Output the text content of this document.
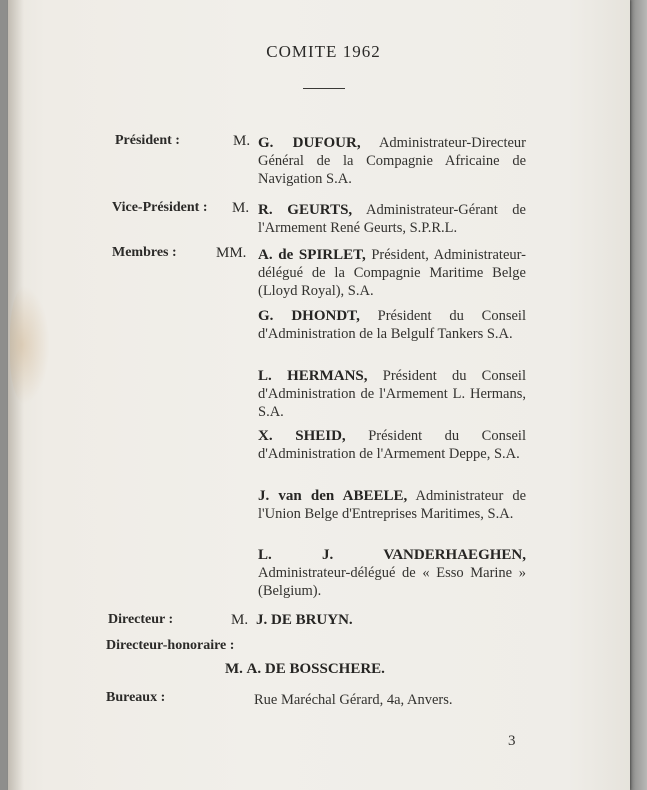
COMITE 1962
Président :	M. G. DUFOUR, Administrateur-Directeur Général de la Compagnie Africaine de Navigation S.A.
Vice-Président : M. R. GEURTS, Administrateur-Gérant de l'Armement René Geurts, S.P.R.L.
Membres :	MM. A. de SPIRLET, Président, Administrateur-délégué de la Compagnie Maritime Belge (Lloyd Royal), S.A.
G. DHONDT, Président du Conseil d'Administration de la Belgulf Tankers S.A.
L. HERMANS, Président du Conseil d'Administration de l'Armement L. Hermans, S.A.
X. SHEID, Président du Conseil d'Administration de l'Armement Deppe, S.A.
J. van den ABEELE, Administrateur de l'Union Belge d'Entreprises Maritimes, S.A.
L. J. VANDERHAEGHEN, Administrateur-délégué de « Esso Marine » (Belgium).
Directeur :	M. J. DE BRUYN.
Directeur-honoraire :
M. A. DE BOSSCHERE.
Bureaux :	Rue Maréchal Gérard, 4a, Anvers.
3
